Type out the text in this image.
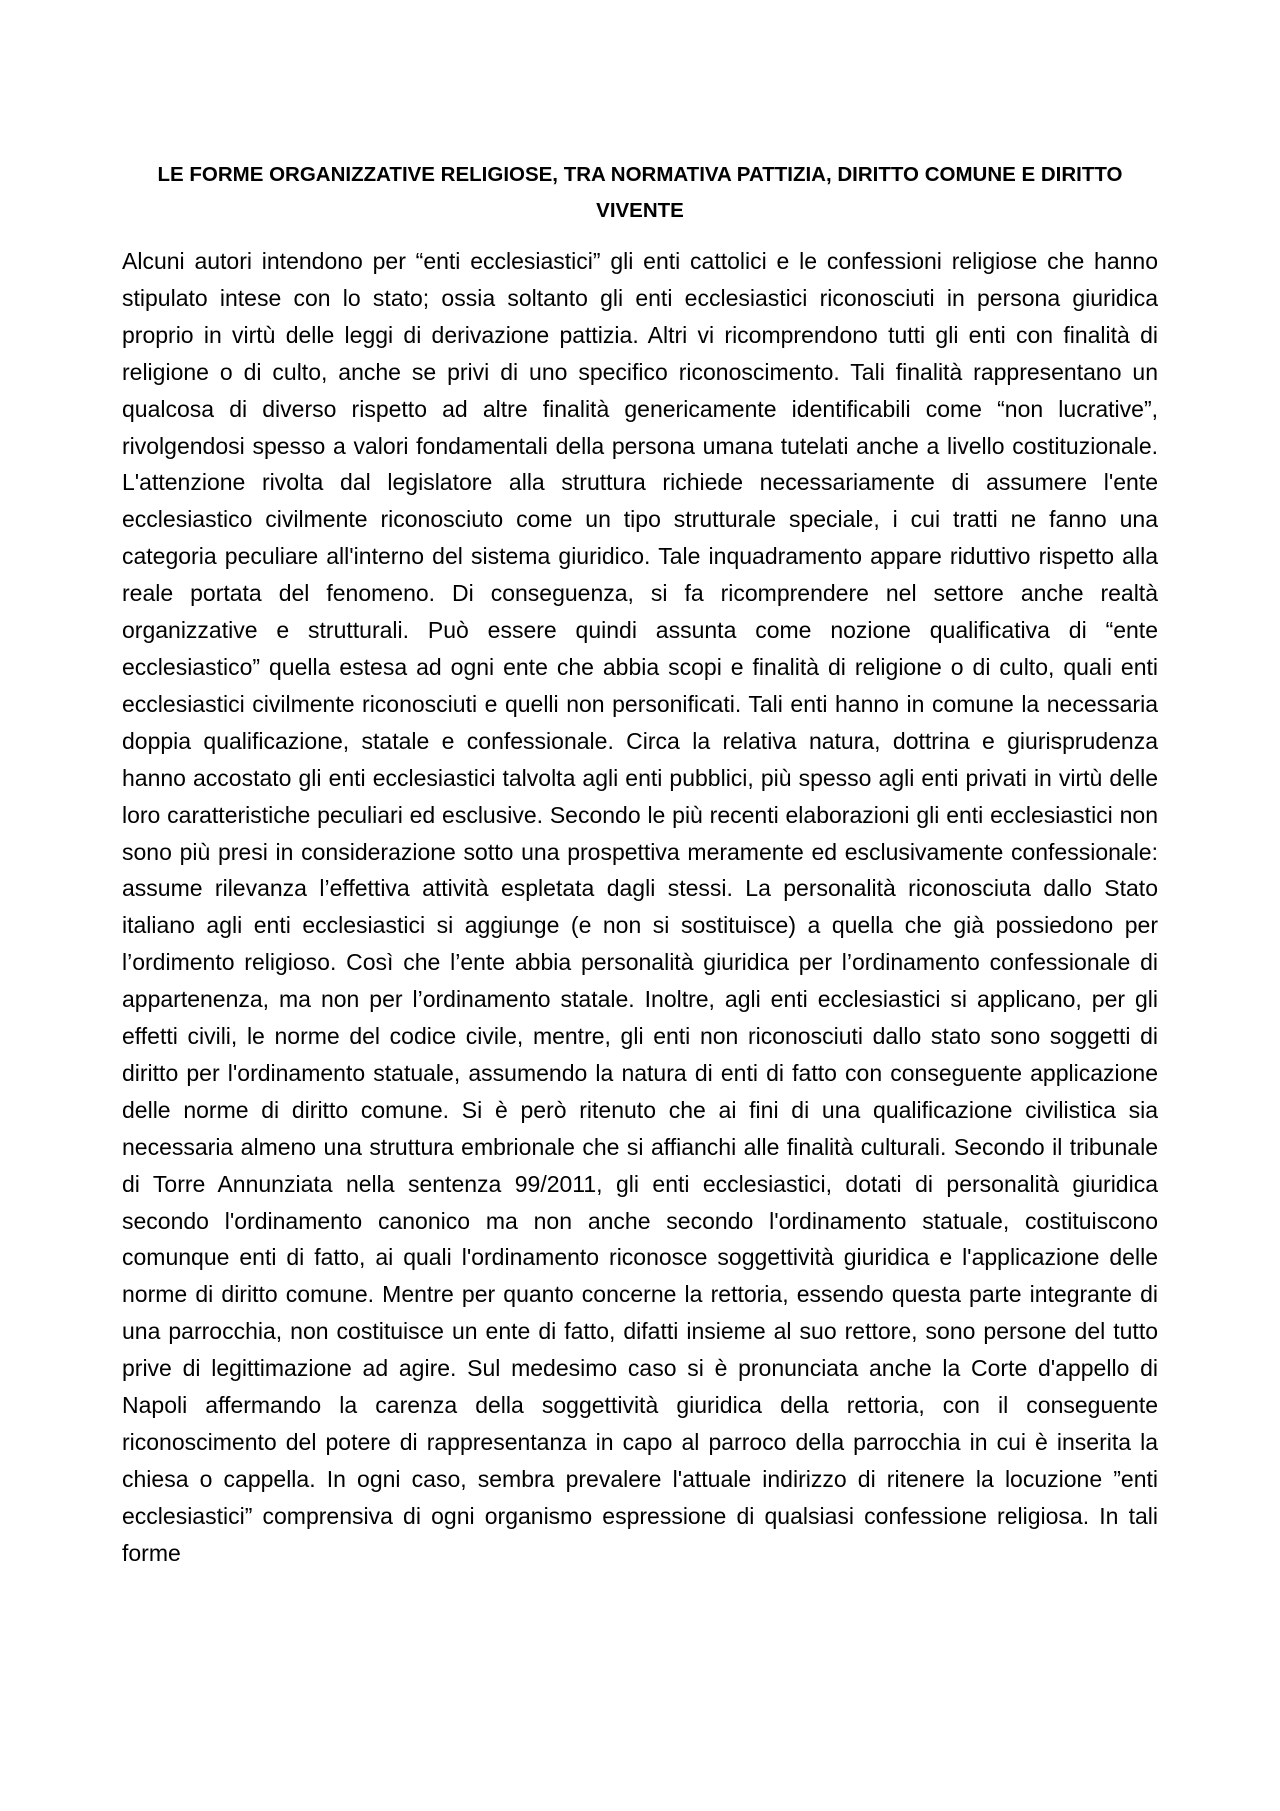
LE FORME ORGANIZZATIVE RELIGIOSE, TRA NORMATIVA PATTIZIA, DIRITTO COMUNE E DIRITTO VIVENTE

Alcuni autori intendono per “enti ecclesiastici” gli enti cattolici e le confessioni religiose che hanno stipulato intese con lo stato; ossia soltanto gli enti ecclesiastici riconosciuti in persona giuridica proprio in virtù delle leggi di derivazione pattizia. Altri vi ricomprendono tutti gli enti con finalità di religione o di culto, anche se privi di uno specifico riconoscimento. Tali finalità rappresentano un qualcosa di diverso rispetto ad altre finalità genericamente identificabili come “non lucrative”, rivolgendosi spesso a valori fondamentali della persona umana tutelati anche a livello costituzionale. L'attenzione rivolta dal legislatore alla struttura richiede necessariamente di assumere l'ente ecclesiastico civilmente riconosciuto come un tipo strutturale speciale, i cui tratti ne fanno una categoria peculiare all'interno del sistema giuridico. Tale inquadramento appare riduttivo rispetto alla reale portata del fenomeno. Di conseguenza, si fa ricomprendere nel settore anche realtà organizzative e strutturali. Può essere quindi assunta come nozione qualificativa di “ente ecclesiastico” quella estesa ad ogni ente che abbia scopi e finalità di religione o di culto, quali enti ecclesiastici civilmente riconosciuti e quelli non personificati. Tali enti hanno in comune la necessaria doppia qualificazione, statale e confessionale. Circa la relativa natura, dottrina e giurisprudenza hanno accostato gli enti ecclesiastici talvolta agli enti pubblici, più spesso agli enti privati in virtù delle loro caratteristiche peculiari ed esclusive. Secondo le più recenti elaborazioni gli enti ecclesiastici non sono più presi in considerazione sotto una prospettiva meramente ed esclusivamente confessionale: assume rilevanza l’effettiva attività espletata dagli stessi. La personalità riconosciuta dallo Stato italiano agli enti ecclesiastici si aggiunge (e non si sostituisce) a quella che già possiedono per l’ordimento religioso. Così che l’ente abbia personalità giuridica per l’ordinamento confessionale di appartenenza, ma non per l’ordinamento statale. Inoltre, agli enti ecclesiastici si applicano, per gli effetti civili, le norme del codice civile, mentre, gli enti non riconosciuti dallo stato sono soggetti di diritto per l'ordinamento statuale, assumendo la natura di enti di fatto con conseguente applicazione delle norme di diritto comune. Si è però ritenuto che ai fini di una qualificazione civilistica sia necessaria almeno una struttura embrionale che si affianchi alle finalità culturali. Secondo il tribunale di Torre Annunziata nella sentenza 99/2011, gli enti ecclesiastici, dotati di personalità giuridica secondo l'ordinamento canonico ma non anche secondo l'ordinamento statuale, costituiscono comunque enti di fatto, ai quali l'ordinamento riconosce soggettività giuridica e l'applicazione delle norme di diritto comune. Mentre per quanto concerne la rettoria, essendo questa parte integrante di una parrocchia, non costituisce un ente di fatto, difatti insieme al suo rettore, sono persone del tutto prive di legittimazione ad agire. Sul medesimo caso si è pronunciata anche la Corte d'appello di Napoli affermando la carenza della soggettività giuridica della rettoria, con il conseguente riconoscimento del potere di rappresentanza in capo al parroco della parrocchia in cui è inserita la chiesa o cappella. In ogni caso, sembra prevalere l'attuale indirizzo di ritenere la locuzione ”enti ecclesiastici” comprensiva di ogni organismo espressione di qualsiasi confessione religiosa. In tali forme
